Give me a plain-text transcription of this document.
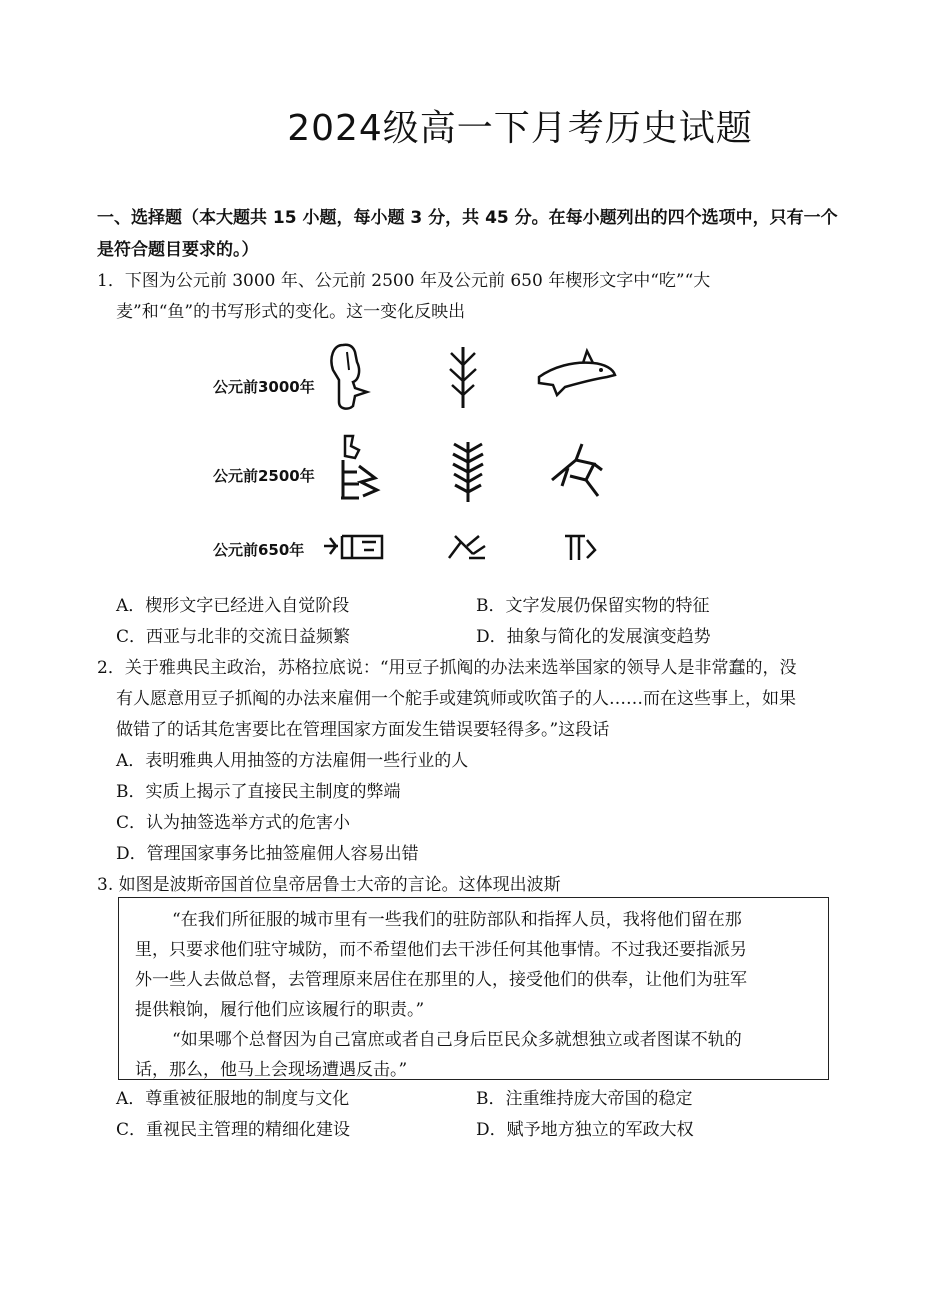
2024级高一下月考历史试题
一、选择题（本大题共 15 小题，每小题 3 分，共 45 分。在每小题列出的四个选项中，只有一个
是符合题目要求的。）
1．下图为公元前 3000 年、公元前 2500 年及公元前 650 年楔形文字中“吃”“大
麦”和“鱼”的书写形式的变化。这一变化反映出
公元前3000年
公元前2500年
公元前650年
A．楔形文字已经进入自觉阶段	B．文字发展仍保留实物的特征
C．西亚与北非的交流日益频繁	D．抽象与简化的发展演变趋势
2．关于雅典民主政治，苏格拉底说：“用豆子抓阄的办法来选举国家的领导人是非常蠢的，没
有人愿意用豆子抓阄的办法来雇佣一个舵手或建筑师或吹笛子的人……而在这些事上，如果
做错了的话其危害要比在管理国家方面发生错误要轻得多。”这段话
A．表明雅典人用抽签的方法雇佣一些行业的人
B．实质上揭示了直接民主制度的弊端
C．认为抽签选举方式的危害小
D．管理国家事务比抽签雇佣人容易出错
3. 如图是波斯帝国首位皇帝居鲁士大帝的言论。这体现出波斯
“在我们所征服的城市里有一些我们的驻防部队和指挥人员，我将他们留在那
里，只要求他们驻守城防，而不希望他们去干涉任何其他事情。不过我还要指派另
外一些人去做总督，去管理原来居住在那里的人，接受他们的供奉，让他们为驻军
提供粮饷，履行他们应该履行的职责。”
“如果哪个总督因为自己富庶或者自己身后臣民众多就想独立或者图谋不轨的
话，那么，他马上会现场遭遇反击。”
A．尊重被征服地的制度与文化	B．注重维持庞大帝国的稳定
C．重视民主管理的精细化建设	D．赋予地方独立的军政大权
